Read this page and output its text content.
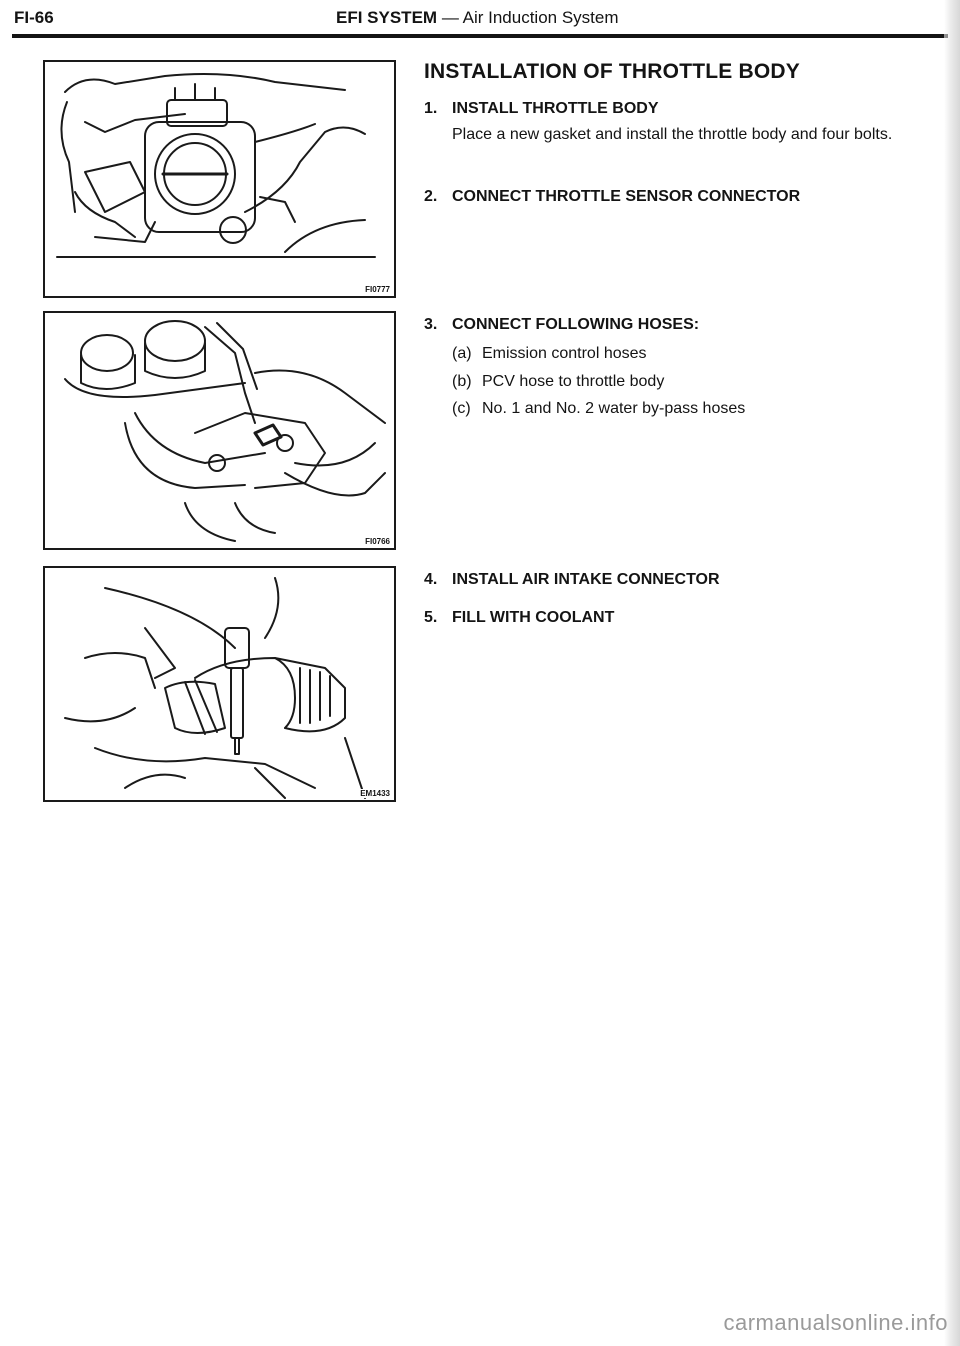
FI-66	EFI SYSTEM — Air Induction System
FI0777
FI0766
EM1433
INSTALLATION OF THROTTLE BODY
1. INSTALL THROTTLE BODY
Place a new gasket and install the throttle body and four bolts.
2. CONNECT THROTTLE SENSOR CONNECTOR
3. CONNECT FOLLOWING HOSES:
(a) Emission control hoses
(b) PCV hose to throttle body
(c) No. 1 and No. 2 water by-pass hoses
4. INSTALL AIR INTAKE CONNECTOR
5. FILL WITH COOLANT
carmanualsonline.info
